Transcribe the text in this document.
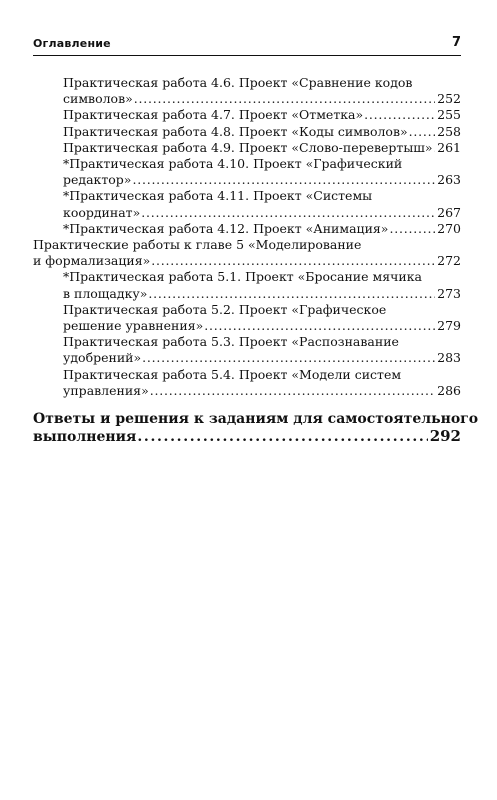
Оглавление	7
Практическая работа 4.6. Проект «Сравнение кодов
символов» . . .	252
Практическая работа 4.7. Проект «Отметка» . . .	255
Практическая работа 4.8. Проект «Коды символов» . . . 258
Практическая работа 4.9. Проект «Слово-перевертыш» . . . 261
*Практическая работа 4.10. Проект «Графический
редактор» . . .	263
*Практическая работа 4.11. Проект «Системы
координат» . . .	267
*Практическая работа 4.12. Проект «Анимация» . . .	270
Практические работы к главе 5 «Моделирование
и формализация» . . .	272
*Практическая работа 5.1. Проект «Бросание мячика
в площадку» . . .	273
Практическая работа 5.2. Проект «Графическое
решение уравнения» . . .	279
Практическая работа 5.3. Проект «Распознавание
удобрений» . . .	283
Практическая работа 5.4. Проект «Модели систем
управления» . . .	286
Ответы и решения к заданиям для самостоятельного
выполнения . . .	292
